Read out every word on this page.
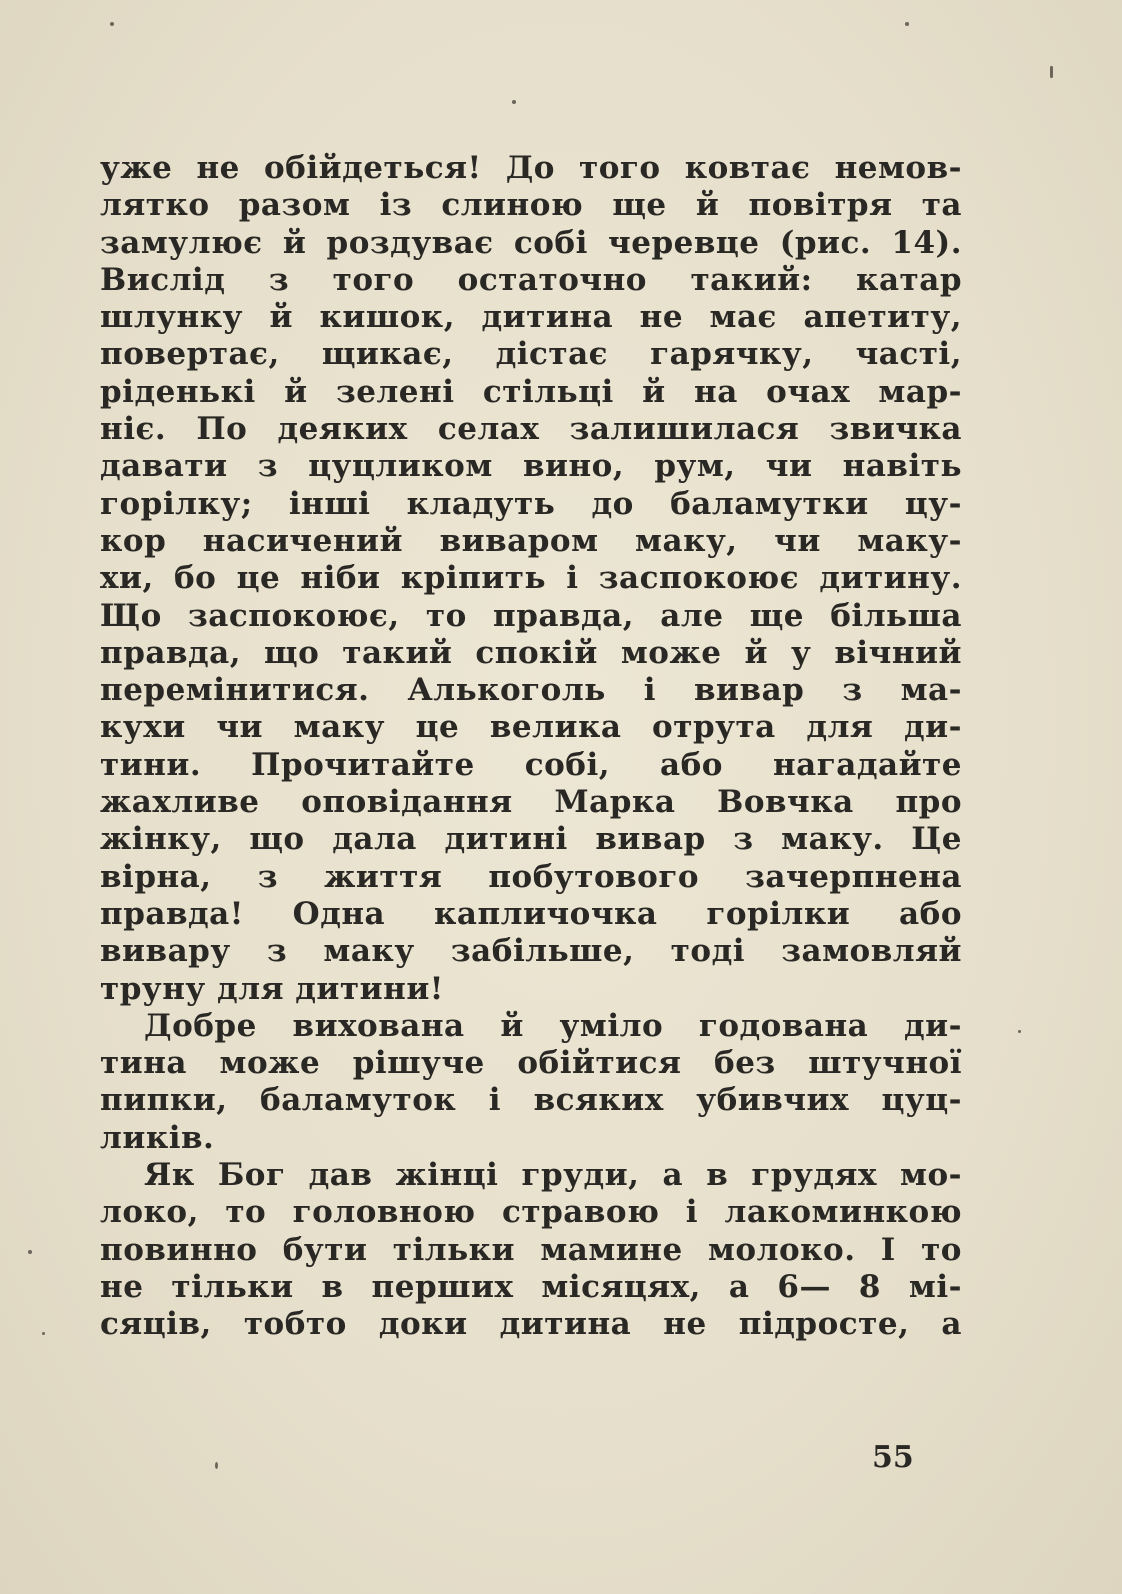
уже не обійдеться! До того ковтає немов-
лятко разом із слиною ще й повітря та
замулює й роздуває собі черевце (рис. 14).
Вислід з того остаточно такий: катар
шлунку й кишок, дитина не має апетиту,
повертає, щикає, дістає гарячку, часті,
ріденькі й зелені стільці й на очах мар-
ніє. По деяких селах залишилася звичка
давати з цуцликом вино, рум, чи навіть
горілку; інші кладуть до баламутки цу-
кор насичений виваром маку, чи маку-
хи, бо це ніби кріпить і заспокоює дитину.
Що заспокоює, то правда, але ще більша
правда, що такий спокій може й у вічний
перемінитися. Алькоголь і вивар з ма-
кухи чи маку це велика отрута для ди-
тини. Прочитайте собі, або нагадайте
жахливе оповідання Марка Вовчка про
жінку, що дала дитині вивар з маку. Це
вірна, з життя побутового зачерпнена
правда! Одна капличочка горілки або
вивару з маку забільше, тоді замовляй
труну для дитини!
Добре вихована й уміло годована ди-
тина може рішуче обійтися без штучної
пипки, баламуток і всяких убивчих цуц-
ликів.
Як Бог дав жінці груди, а в грудях мо-
локо, то головною стравою і лакоминкою
повинно бути тільки мамине молоко. І то
не тільки в перших місяцях, а 6— 8 мі-
сяців, тобто доки дитина не підросте, а
55
